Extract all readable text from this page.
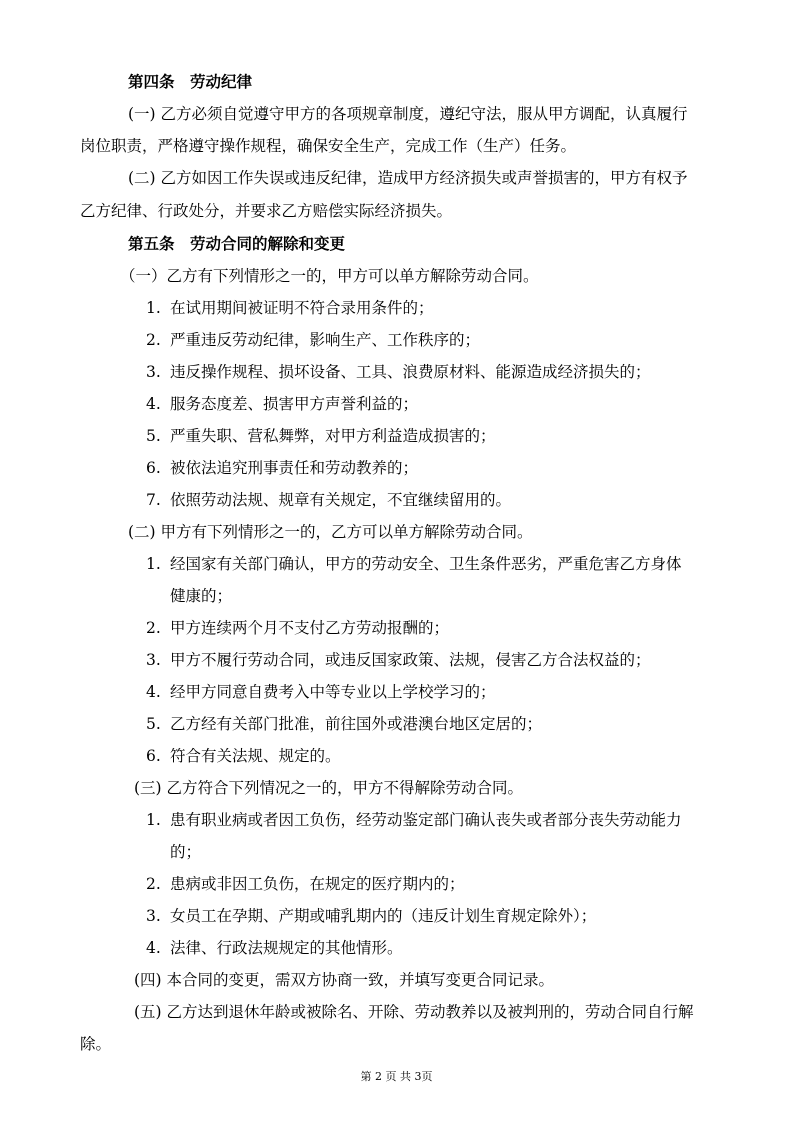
第四条　劳动纪律
(一) 乙方必须自觉遵守甲方的各项规章制度，遵纪守法，服从甲方调配，认真履行
岗位职责，严格遵守操作规程，确保安全生产，完成工作（生产）任务。
(二) 乙方如因工作失误或违反纪律，造成甲方经济损失或声誉损害的，甲方有权予
乙方纪律、行政处分，并要求乙方赔偿实际经济损失。
第五条　劳动合同的解除和变更
（一）乙方有下列情形之一的，甲方可以单方解除劳动合同。
1. 在试用期间被证明不符合录用条件的；
2. 严重违反劳动纪律，影响生产、工作秩序的；
3. 违反操作规程、损坏设备、工具、浪费原材料、能源造成经济损失的；
4. 服务态度差、损害甲方声誉利益的；
5. 严重失职、营私舞弊，对甲方利益造成损害的；
6. 被依法追究刑事责任和劳动教养的；
7. 依照劳动法规、规章有关规定，不宜继续留用的。
(二) 甲方有下列情形之一的，乙方可以单方解除劳动合同。
1. 经国家有关部门确认，甲方的劳动安全、卫生条件恶劣，严重危害乙方身体
健康的；
2. 甲方连续两个月不支付乙方劳动报酬的；
3. 甲方不履行劳动合同，或违反国家政策、法规，侵害乙方合法权益的；
4. 经甲方同意自费考入中等专业以上学校学习的；
5. 乙方经有关部门批准，前往国外或港澳台地区定居的；
6. 符合有关法规、规定的。
(三) 乙方符合下列情况之一的，甲方不得解除劳动合同。
1. 患有职业病或者因工负伤，经劳动鉴定部门确认丧失或者部分丧失劳动能力
的；
2. 患病或非因工负伤，在规定的医疗期内的；
3. 女员工在孕期、产期或哺乳期内的（违反计划生育规定除外）；
4. 法律、行政法规规定的其他情形。
(四) 本合同的变更，需双方协商一致，并填写变更合同记录。
(五) 乙方达到退休年龄或被除名、开除、劳动教养以及被判刑的，劳动合同自行解
除。
第 2 页 共 3页
